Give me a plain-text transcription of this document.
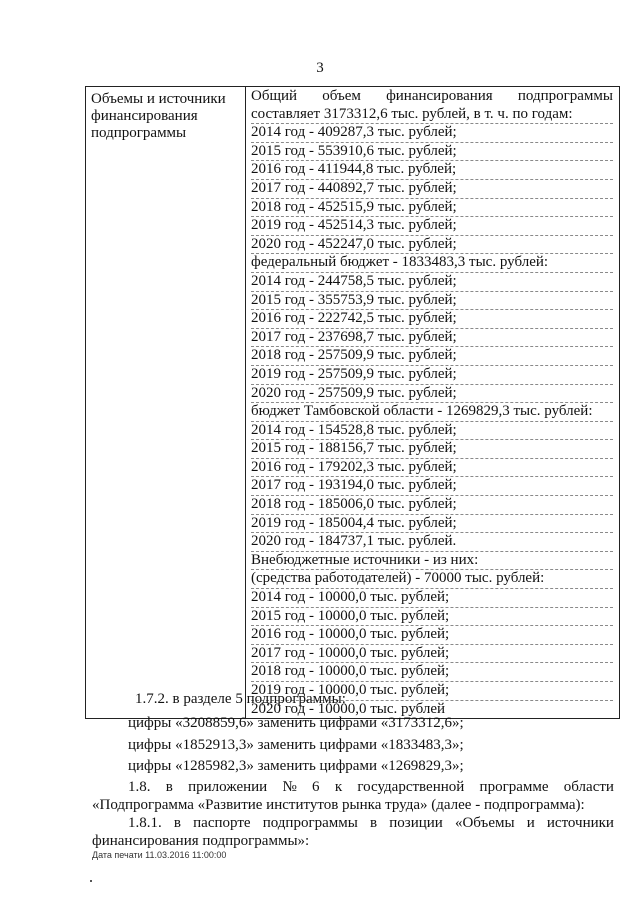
3
Объемы и источники
финансирования
подпрограммы

Общий объем финансирования подпрограммы
составляет 3173312,6 тыс. рублей, в т. ч. по годам:
2014 год - 409287,3 тыс. рублей;
2015 год - 553910,6 тыс. рублей;
2016 год - 411944,8 тыс. рублей;
2017 год - 440892,7 тыс. рублей;
2018 год - 452515,9 тыс. рублей;
2019 год - 452514,3 тыс. рублей;
2020 год - 452247,0 тыс. рублей;
федеральный бюджет - 1833483,3 тыс. рублей:
2014 год - 244758,5 тыс. рублей;
2015 год - 355753,9 тыс. рублей;
2016 год - 222742,5 тыс. рублей;
2017 год - 237698,7 тыс. рублей;
2018 год - 257509,9 тыс. рублей;
2019 год - 257509,9 тыс. рублей;
2020 год - 257509,9 тыс. рублей;
бюджет Тамбовской области - 1269829,3 тыс. рублей:
2014 год - 154528,8 тыс. рублей;
2015 год - 188156,7 тыс. рублей;
2016 год - 179202,3 тыс. рублей;
2017 год - 193194,0 тыс. рублей;
2018 год - 185006,0 тыс. рублей;
2019 год - 185004,4 тыс. рублей;
2020 год - 184737,1 тыс. рублей.
Внебюджетные источники - из них:
(средства работодателей) - 70000 тыс. рублей:
2014 год - 10000,0 тыс. рублей;
2015 год - 10000,0 тыс. рублей;
2016 год - 10000,0 тыс. рублей;
2017 год - 10000,0 тыс. рублей;
2018 год - 10000,0 тыс. рублей;
2019 год - 10000,0 тыс. рублей;
2020 год - 10000,0 тыс. рублей
1.7.2. в разделе 5 подпрограммы:
цифры «3208859,6» заменить цифрами «3173312,6»;
цифры «1852913,3» заменить цифрами «1833483,3»;
цифры «1285982,3» заменить цифрами «1269829,3»;
1.8. в приложении № 6 к государственной программе области
«Подпрограмма «Развитие институтов рынка труда» (далее - подпрограмма):
1.8.1. в паспорте подпрограммы в позиции «Объемы и источники
Дата печати 11.03.2016 11:00:00
финансирования подпрограммы»:
